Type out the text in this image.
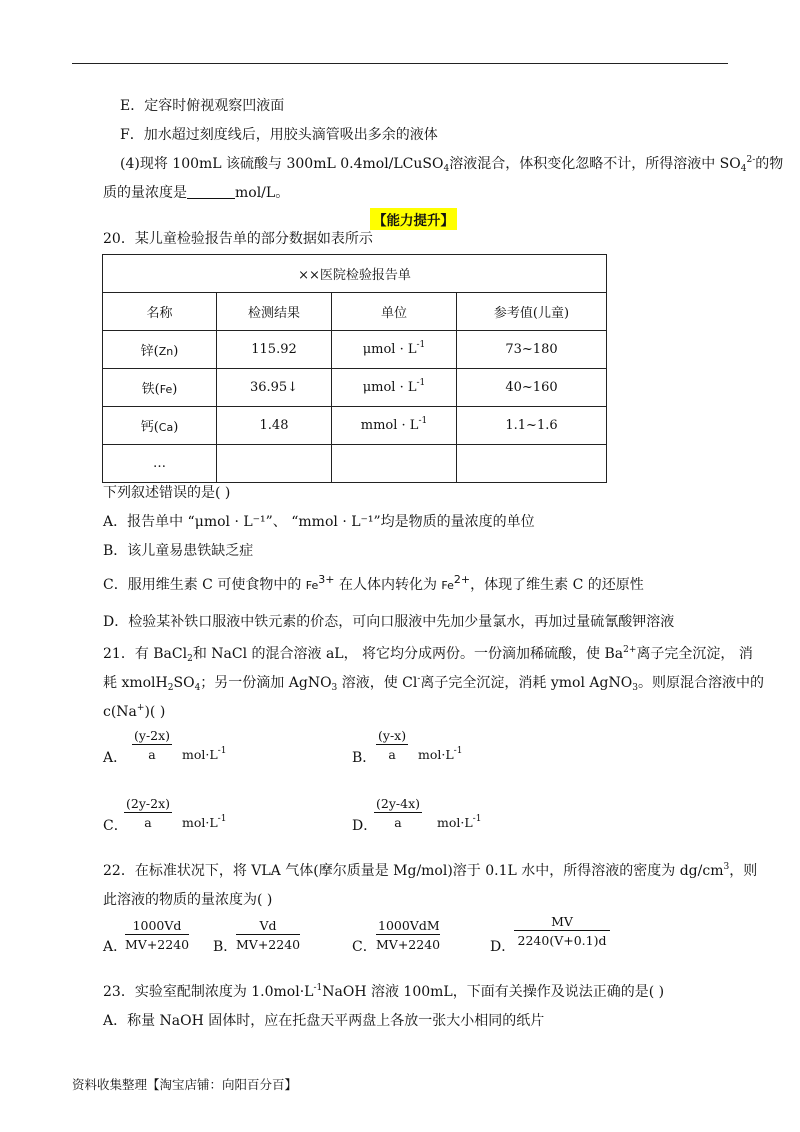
E．定容时俯视观察凹液面
F．加水超过刻度线后，用胶头滴管吸出多余的液体
(4)现将 100mL 该硫酸与 300mL 0.4mol/LCuSO$_4$溶液混合，体积变化忽略不计，所得溶液中 $SO_4^{2-}$的物
质的量浓度是	mol/L。
【能力提升】
20．某儿童检验报告单的部分数据如表所示
××医院检验报告单			
名称	检测结果	单位	参考值(儿童)
锌(Zn)	115.92	$\mu mol \cdot L^{-1}$	73~180
铁(Fe)	36.95↓	$\mu mol \cdot L^{-1}$	40~160
钙(Ca)	1.48	mmol · $L^{-1}$	1.1~1.6
…			
下列叙述错误的是( )
A．报告单中 “μmol · L⁻¹”、 “mmol · L⁻¹”均是物质的量浓度的单位
B．该儿童易患铁缺乏症
C．服用维生素 C 可使食物中的 $Fe^{3+}$ 在人体内转化为 $Fe^{2+}$，体现了维生素 C 的还原性
D．检验某补铁口服液中铁元素的价态，可向口服液中先加少量氯水，再加过量硫氰酸钾溶液
21．有 BaCl$_2$和 NaCl 的混合溶液 aL， 将它均分成两份。一份滴加稀硫酸，使 $Ba^{2+}$离子完全沉淀， 消
耗 $xmolH_2SO_4$；另一份滴加 AgNO$_3$ 溶液，使 Cl-离子完全沉淀，消耗 ymol AgNO$_3$。则原混合溶液中的
c(Na+)( )
A． $\frac{(y-2x)}{a} mol\cdot L^{-1}$	B． $\frac{(y-x)}{a} mol\cdot L^{-1}$
C．
$\frac{(2y-2x)}{a} mol\cdot L^{-1}$	D．
$\frac{(2y-4x)}{a} mol\cdot L^{-1}$
22．在标准状况下，将 VLA 气体(摩尔质量是 Mg/mol)溶于 0.1L 水中，所得溶液的密度为 $dg/cm^3$，则
此溶液的物质的量浓度为( )
A．
$\frac{1000Vd}{MV+2240}$ B．
$\frac{Vd}{MV+2240}$	C．
1000VdM
MV+2240	D．
$\frac{MV}{2240(V+0.1)d}$
23．实验室配制浓度为 $1.0mol\cdot L^{-1}NaOH$ 溶液 100mL，下面有关操作及说法正确的是( )
A．称量 NaOH 固体时，应在托盘天平两盘上各放一张大小相同的纸片
资料收集整理【淘宝店铺：向阳百分百】
